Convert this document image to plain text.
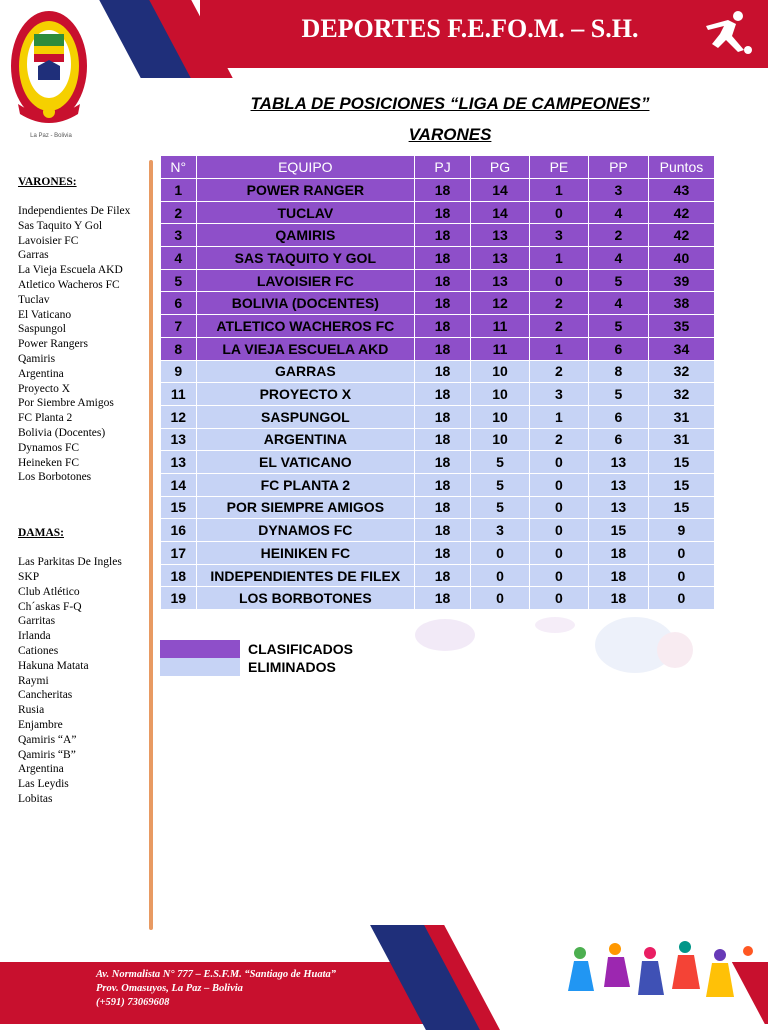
DEPORTES F.E.FO.M. – S.H.
La Paz - Bolivia
TABLA DE POSICIONES “LIGA DE CAMPEONES”
VARONES
VARONES:
Independientes De Filex
Sas Taquito Y Gol
Lavoisier FC
Garras
La Vieja Escuela AKD
Atletico Wacheros FC
Tuclav
El Vaticano
Saspungol
Power Rangers
Qamiris
Argentina
Proyecto X
Por Siembre Amigos
FC Planta 2
Bolivia (Docentes)
Dynamos FC
Heineken FC
Los Borbotones
DAMAS:
Las Parkitas De Ingles
SKP
Club Atlético
Ch´askas F-Q
Garritas
Irlanda
Cationes
Hakuna Matata
Raymi
Cancheritas
Rusia
Enjambre
Qamiris “A”
Qamiris “B”
Argentina
Las Leydis
Lobitas
N°	EQUIPO	PJ	PG	PE	PP	Puntos
1	POWER RANGER	18	14	1	3	43
2	TUCLAV	18	14	0	4	42
3	QAMIRIS	18	13	3	2	42
4	SAS TAQUITO Y GOL	18	13	1	4	40
5	LAVOISIER FC	18	13	0	5	39
6	BOLIVIA (DOCENTES)	18	12	2	4	38
7	ATLETICO WACHEROS FC	18	11	2	5	35
8	LA VIEJA ESCUELA AKD	18	11	1	6	34
9	GARRAS	18	10	2	8	32
11	PROYECTO X	18	10	3	5	32
12	SASPUNGOL	18	10	1	6	31
13	ARGENTINA	18	10	2	6	31
13	EL VATICANO	18	5	0	13	15
14	FC PLANTA 2	18	5	0	13	15
15	POR SIEMPRE AMIGOS	18	5	0	13	15
16	DYNAMOS FC	18	3	0	15	9
17	HEINIKEN FC	18	0	0	18	0
18	INDEPENDIENTES DE FILEX	18	0	0	18	0
19	LOS BORBOTONES	18	0	0	18	0
CLASIFICADOS
ELIMINADOS
Av. Normalista N° 777 – E.S.F.M. “Santiago de Huata”
Prov. Omasuyos, La Paz – Bolivia
(+591) 73069608
